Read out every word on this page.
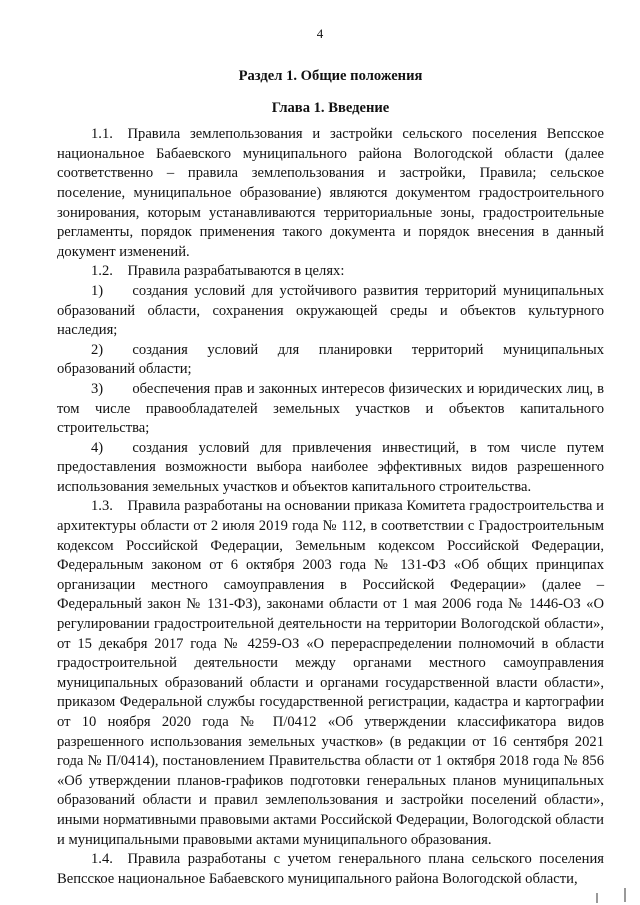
4
Раздел 1. Общие положения
Глава 1. Введение

1.1. Правила землепользования и застройки сельского поселения Вепсское национальное Бабаевского муниципального района Вологодской области (далее соответственно – правила землепользования и застройки, Правила; сельское поселение, муниципальное образование) являются документом градостроительного зонирования, которым устанавливаются территориальные зоны, градостроительные регламенты, порядок применения такого документа и порядок внесения в данный документ изменений.

1.2. Правила разрабатываются в целях:

1)  создания условий для устойчивого развития территорий муниципальных образований области, сохранения окружающей среды и объектов культурного наследия;

2)  создания условий для планировки территорий муниципальных образований области;

3)  обеспечения прав и законных интересов физических и юридических лиц, в том числе правообладателей земельных участков и объектов капитального строительства;

4)  создания условий для привлечения инвестиций, в том числе путем предоставления возможности выбора наиболее эффективных видов разрешенного использования земельных участков и объектов капитального строительства.

1.3. Правила разработаны на основании приказа Комитета градостроительства и архитектуры области от 2 июля 2019 года № 112, в соответствии с Градостроительным кодексом Российской Федерации, Земельным кодексом Российской Федерации, Федеральным законом от 6 октября 2003 года № 131-ФЗ «Об общих принципах организации местного самоуправления в Российской Федерации» (далее – Федеральный закон № 131-ФЗ), законами области от 1 мая 2006 года № 1446-ОЗ «О регулировании градостроительной деятельности на территории Вологодской области», от 15 декабря 2017 года № 4259-ОЗ «О перераспределении полномочий в области градостроительной деятельности между органами местного самоуправления муниципальных образований области и органами государственной власти области», приказом Федеральной службы государственной регистрации, кадастра и картографии от 10 ноября 2020 года № П/0412 «Об утверждении классификатора видов разрешенного использования земельных участков» (в редакции от 16 сентября 2021 года № П/0414), постановлением Правительства области от 1 октября 2018 года № 856 «Об утверждении планов-графиков подготовки генеральных планов муниципальных образований области и правил землепользования и застройки поселений области», иными нормативными правовыми актами Российской Федерации, Вологодской области и муниципальными правовыми актами муниципального образования.

1.4. Правила разработаны с учетом генерального плана сельского поселения Вепсское национальное Бабаевского муниципального района Вологодской области,
